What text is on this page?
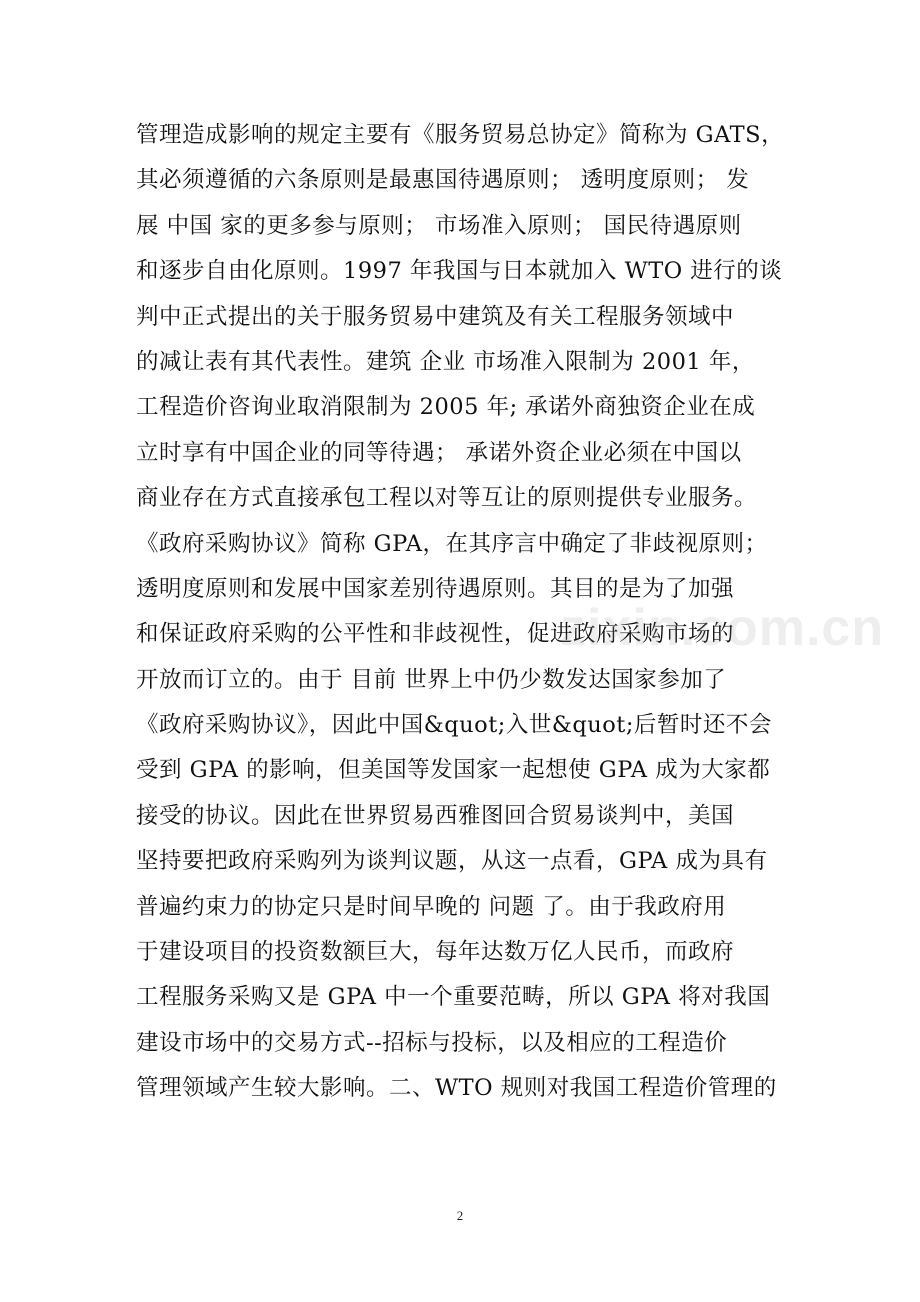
管理造成影响的规定主要有《服务贸易总协定》简称为 GATS，
其必须遵循的六条原则是最惠国待遇原则； 透明度原则； 发
展 中国 家的更多参与原则； 市场准入原则； 国民待遇原则
和逐步自由化原则。1997 年我国与日本就加入 WTO 进行的谈
判中正式提出的关于服务贸易中建筑及有关工程服务领域中
的减让表有其代表性。建筑 企业 市场准入限制为 2001 年，
工程造价咨询业取消限制为 2005 年; 承诺外商独资企业在成
立时享有中国企业的同等待遇； 承诺外资企业必须在中国以
商业存在方式直接承包工程以对等互让的原则提供专业服务。
《政府采购协议》简称 GPA，在其序言中确定了非歧视原则；
透明度原则和发展中国家差别待遇原则。其目的是为了加强
和保证政府采购的公平性和非歧视性，促进政府采购市场的
开放而订立的。由于 目前 世界上中仍少数发达国家参加了
《政府采购协议》，因此中国&quot;入世&quot;后暂时还不会
受到 GPA 的影响，但美国等发国家一起想使 GPA 成为大家都
接受的协议。因此在世界贸易西雅图回合贸易谈判中，美国
坚持要把政府采购列为谈判议题，从这一点看，GPA 成为具有
普遍约束力的协定只是时间早晚的 问题 了。由于我政府用
于建设项目的投资数额巨大，每年达数万亿人民币，而政府
工程服务采购又是 GPA 中一个重要范畴，所以 GPA 将对我国
建设市场中的交易方式--招标与投标，以及相应的工程造价
管理领域产生较大影响。二、WTO 规则对我国工程造价管理的
zixin.com.cn
2
